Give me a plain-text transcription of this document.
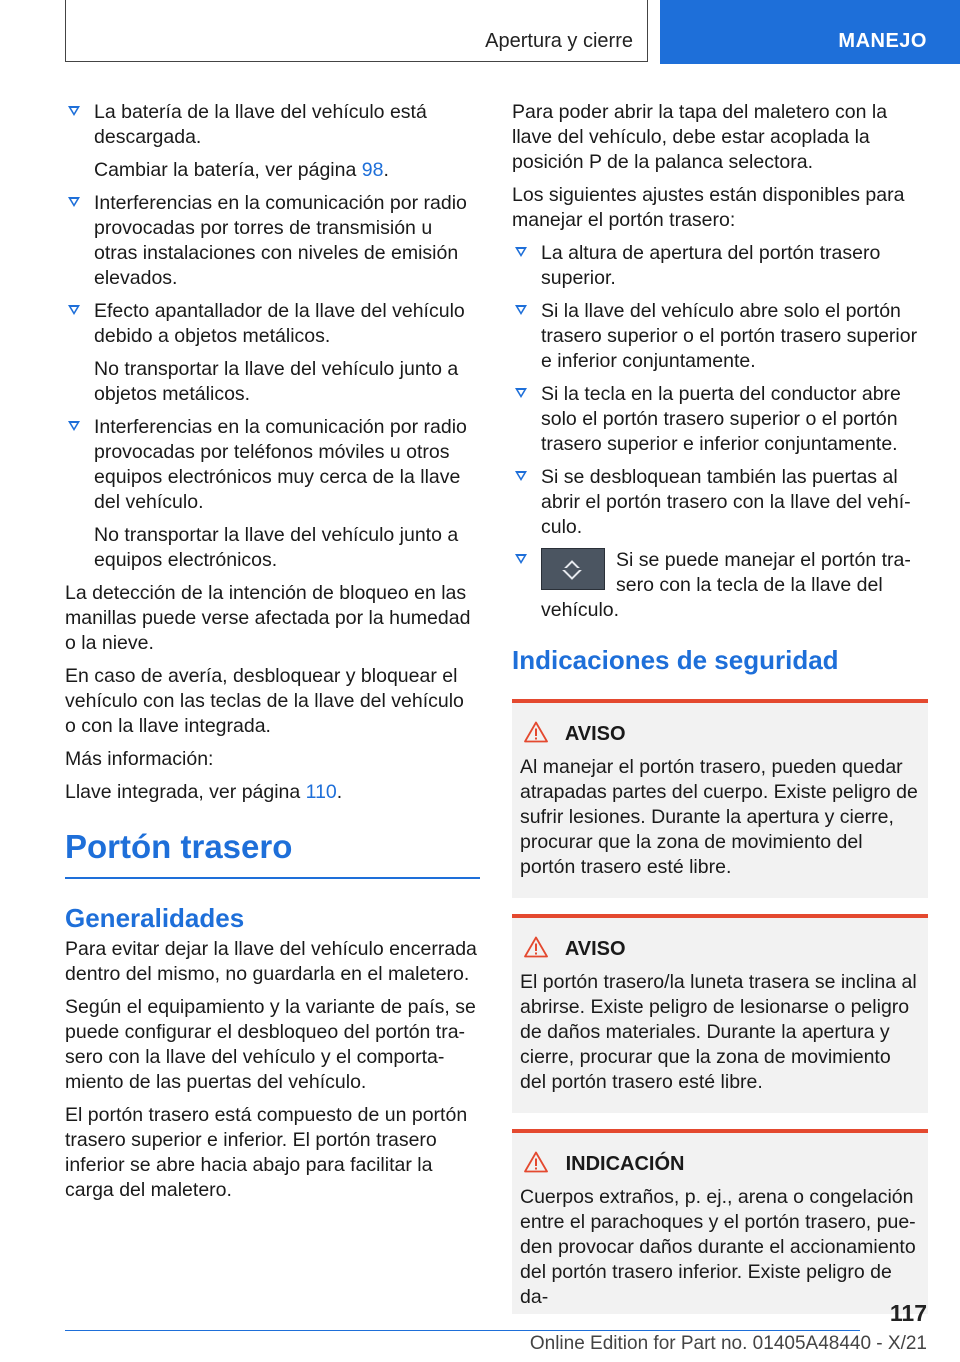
Apertura y cierre	MANEJO
La batería de la llave del vehículo está descargada.
Cambiar la batería, ver página 98.
Interferencias en la comunicación por radio provocadas por torres de transmisión u otras instalaciones con niveles de emisión elevados.
Efecto apantallador de la llave del vehículo debido a objetos metálicos.
No transportar la llave del vehículo junto a objetos metálicos.
Interferencias en la comunicación por radio provocadas por teléfonos móviles u otros equipos electrónicos muy cerca de la llave del vehículo.
No transportar la llave del vehículo junto a equipos electrónicos.

La detección de la intención de bloqueo en las manillas puede verse afectada por la humedad o la nieve.

En caso de avería, desbloquear y bloquear el vehículo con las teclas de la llave del vehículo o con la llave integrada.

Más información:

Llave integrada, ver página 110.

Portón trasero
Generalidades

Para evitar dejar la llave del vehículo encerrada dentro del mismo, no guardarla en el maletero.

Según el equipamiento y la variante de país, se puede configurar el desbloqueo del portón trasero con la llave del vehículo y el comportamiento de las puertas del vehículo.

El portón trasero está compuesto de un portón trasero superior e inferior. El portón trasero inferior se abre hacia abajo para facilitar la carga del maletero.

Para poder abrir la tapa del maletero con la llave del vehículo, debe estar acoplada la posición P de la palanca selectora.

Los siguientes ajustes están disponibles para manejar el portón trasero:

La altura de apertura del portón trasero superior.
Si la llave del vehículo abre solo el portón trasero superior o el portón trasero superior e inferior conjuntamente.
Si la tecla en la puerta del conductor abre solo el portón trasero superior o el portón trasero superior e inferior conjuntamente.
Si se desbloquean también las puertas al abrir el portón trasero con la llave del vehículo.
Si se puede manejar el portón trasero con la tecla de la llave del vehículo.
Indicaciones de seguridad
AVISO

Al manejar el portón trasero, pueden quedar atrapadas partes del cuerpo. Existe peligro de sufrir lesiones. Durante la apertura y cierre, procurar que la zona de movimiento del portón trasero esté libre.

AVISO

El portón trasero/la luneta trasera se inclina al abrirse. Existe peligro de lesionarse o peligro de daños materiales. Durante la apertura y cierre, procurar que la zona de movimiento del portón trasero esté libre.

INDICACIÓN

Cuerpos extraños, p. ej., arena o congelación entre el parachoques y el portón trasero, pueden provocar daños durante el accionamiento del portón trasero inferior. Existe peligro de da-

117
Online Edition for Part no. 01405A48440 - X/21
